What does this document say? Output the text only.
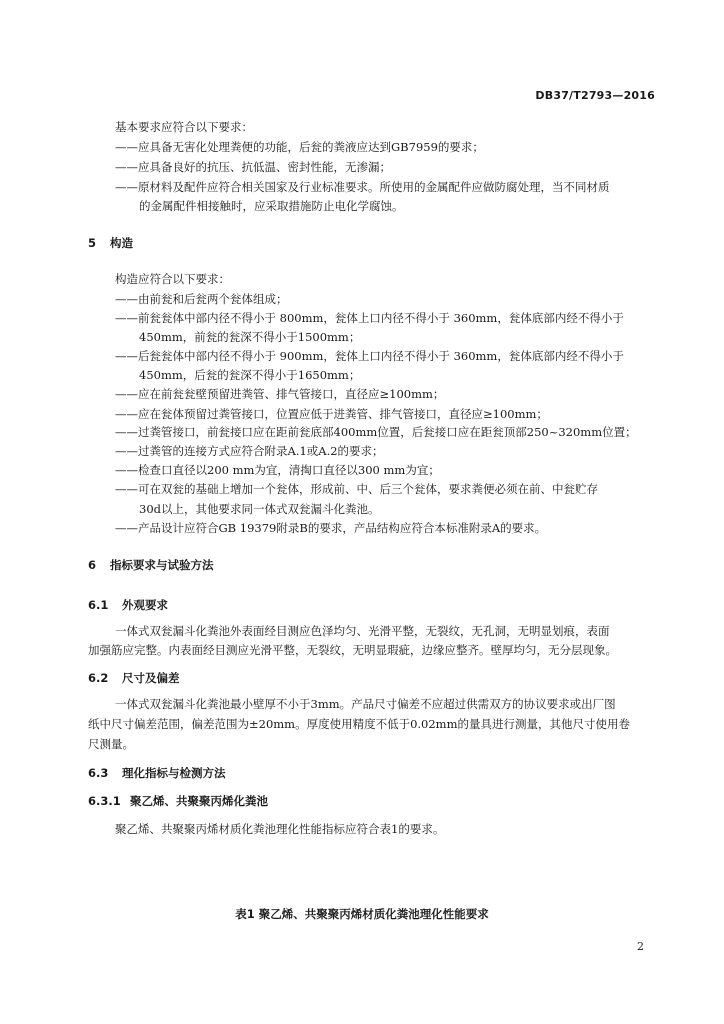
DB37/T2793—2016
基本要求应符合以下要求：
——应具备无害化处理粪便的功能，后瓮的粪液应达到GB7959的要求；
——应具备良好的抗压、抗低温、密封性能，无渗漏；
——原材料及配件应符合相关国家及行业标准要求。所使用的金属配件应做防腐处理，当不同材质
的金属配件相接触时，应采取措施防止电化学腐蚀。
5 构造
构造应符合以下要求：
——由前瓮和后瓮两个瓮体组成；
——前瓮瓮体中部内径不得小于 800mm，瓮体上口内径不得小于 360mm，瓮体底部内经不得小于
450mm，前瓮的瓮深不得小于1500mm；
——后瓮瓮体中部内径不得小于 900mm，瓮体上口内径不得小于 360mm，瓮体底部内经不得小于
450mm，后瓮的瓮深不得小于1650mm；
——应在前瓮瓮壁预留进粪管、排气管接口，直径应≥100mm；
——应在瓮体预留过粪管接口，位置应低于进粪管、排气管接口，直径应≥100mm；
——过粪管接口，前瓮接口应在距前瓮底部400mm位置，后瓮接口应在距瓮顶部250~320mm位置；
——过粪管的连接方式应符合附录A.1或A.2的要求；
——检查口直径以200 mm为宜，清掏口直径以300 mm为宜；
——可在双瓮的基础上增加一个瓮体，形成前、中、后三个瓮体，要求粪便必须在前、中瓮贮存
30d以上，其他要求同一体式双瓮漏斗化粪池。
——产品设计应符合GB 19379附录B的要求，产品结构应符合本标准附录A的要求。
6 指标要求与试验方法
6.1 外观要求
一体式双瓮漏斗化粪池外表面经目测应色泽均匀、光滑平整，无裂纹，无孔洞，无明显划痕，表面
加强筋应完整。内表面经目测应光滑平整，无裂纹，无明显瑕疵，边缘应整齐。壁厚均匀，无分层现象。
6.2 尺寸及偏差
一体式双瓮漏斗化粪池最小壁厚不小于3mm。产品尺寸偏差不应超过供需双方的协议要求或出厂图
纸中尺寸偏差范围，偏差范围为±20mm。厚度使用精度不低于0.02mm的量具进行测量，其他尺寸使用卷
尺测量。
6.3 理化指标与检测方法
6.3.1 聚乙烯、共聚聚丙烯化粪池
聚乙烯、共聚聚丙烯材质化粪池理化性能指标应符合表1的要求。
表1 聚乙烯、共聚聚丙烯材质化粪池理化性能要求
2
